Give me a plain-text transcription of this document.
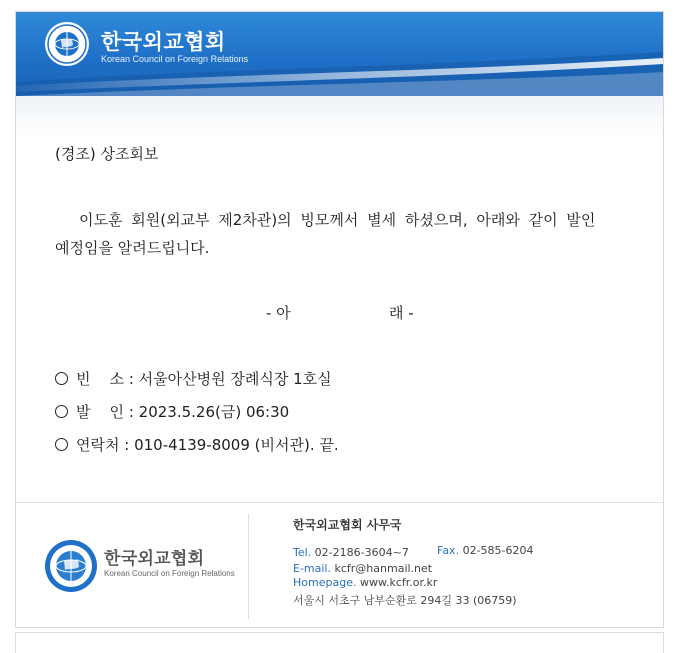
한국외교협회
Korean Council on Foreign Relations
(경조) 상조회보
이도훈 회원(외교부 제2차관)의 빙모께서 별세 하셨으며, 아래와 같이 발인
예정임을 알려드립니다.
- 아	래 -
빈    소 : 서울아산병원 장례식장 1호실
발    인 : 2023.5.26(금) 06:30
연락처 : 010-4139-8009 (비서관). 끝.
한국외교협회
Korean Council on Foreign Relations
한국외교협회 사무국
Tel. 02-2186-3604~7	Fax. 02-585-6204
E-mail. kcfr@hanmail.net
Homepage. www.kcfr.or.kr
서울시 서초구 남부순환로 294길 33 (06759)
